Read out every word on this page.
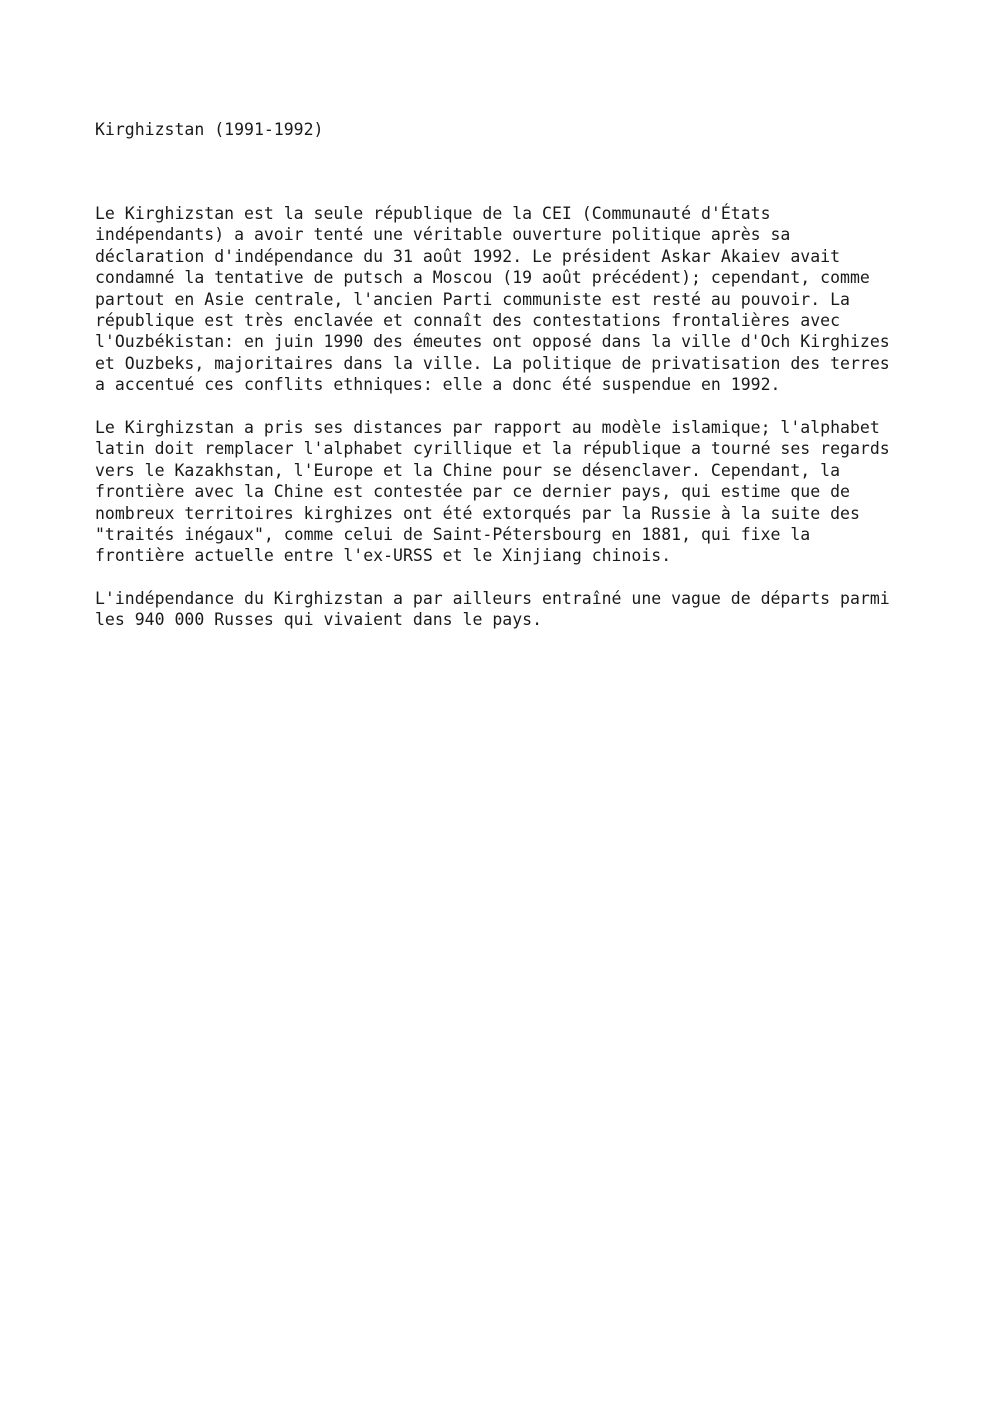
Kirghizstan (1991-1992)

Le Kirghizstan est la seule république de la CEI (Communauté d'États
indépendants) a avoir tenté une véritable ouverture politique après sa
déclaration d'indépendance du 31 août 1992. Le président Askar Akaiev avait
condamné la tentative de putsch a Moscou (19 août précédent); cependant, comme
partout en Asie centrale, l'ancien Parti communiste est resté au pouvoir. La
république est très enclavée et connaît des contestations frontalières avec
l'Ouzbékistan: en juin 1990 des émeutes ont opposé dans la ville d'Och Kirghizes
et Ouzbeks, majoritaires dans la ville. La politique de privatisation des terres
a accentué ces conflits ethniques: elle a donc été suspendue en 1992.

Le Kirghizstan a pris ses distances par rapport au modèle islamique; l'alphabet
latin doit remplacer l'alphabet cyrillique et la république a tourné ses regards
vers le Kazakhstan, l'Europe et la Chine pour se désenclaver. Cependant, la
frontière avec la Chine est contestée par ce dernier pays, qui estime que de
nombreux territoires kirghizes ont été extorqués par la Russie à la suite des
"traités inégaux", comme celui de Saint-Pétersbourg en 1881, qui fixe la
frontière actuelle entre l'ex-URSS et le Xinjiang chinois.

L'indépendance du Kirghizstan a par ailleurs entraîné une vague de départs parmi
les 940 000 Russes qui vivaient dans le pays.
